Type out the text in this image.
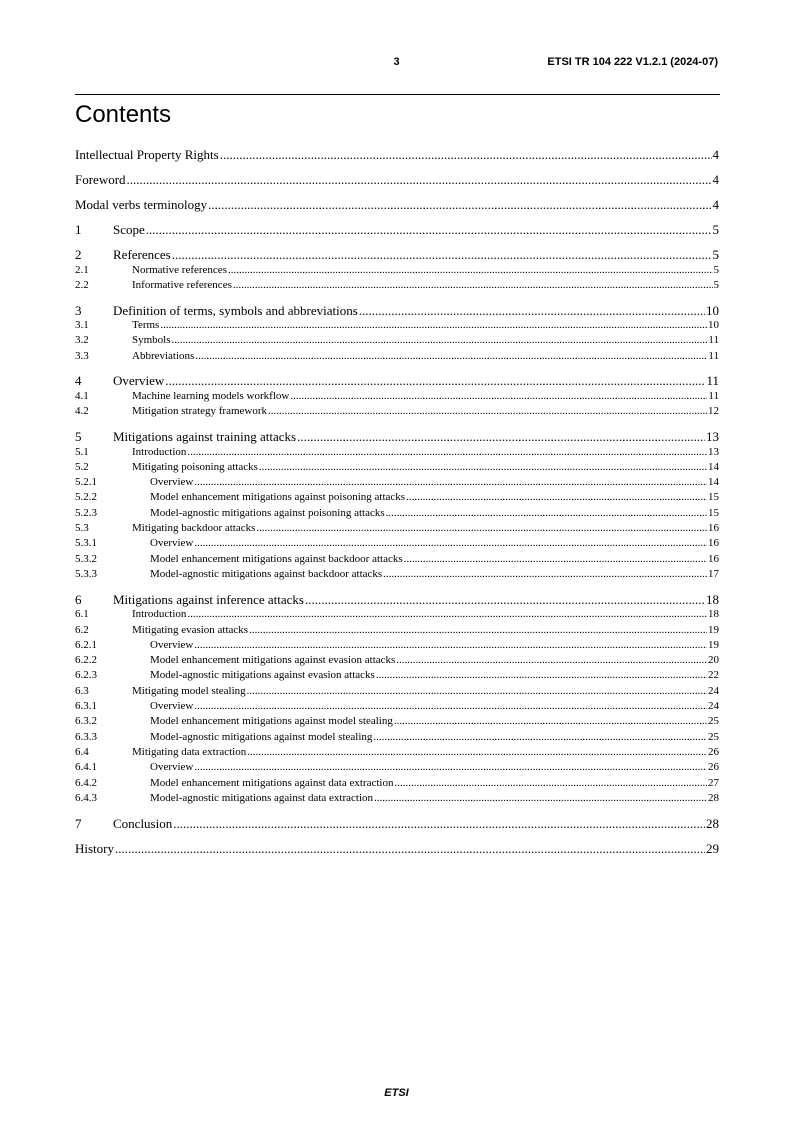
3	ETSI TR 104 222 V1.2.1 (2024-07)
Contents
Intellectual Property Rights .....	4
Foreword .....	4
Modal verbs terminology .....	4
1	Scope .....	5
2	References .....	5
2.1	Normative references .....	5
2.2	Informative references .....	5
3	Definition of terms, symbols and abbreviations .....	10
3.1	Terms .....	10
3.2	Symbols .....	11
3.3	Abbreviations .....	11
4	Overview .....	11
4.1	Machine learning models workflow .....	11
4.2	Mitigation strategy framework .....	12
5	Mitigations against training attacks .....	13
5.1	Introduction .....	13
5.2	Mitigating poisoning attacks .....	14
5.2.1	Overview .....	14
5.2.2	Model enhancement mitigations against poisoning attacks .....	15
5.2.3	Model-agnostic mitigations against poisoning attacks .....	15
5.3	Mitigating backdoor attacks .....	16
5.3.1	Overview .....	16
5.3.2	Model enhancement mitigations against backdoor attacks .....	16
5.3.3	Model-agnostic mitigations against backdoor attacks .....	17
6	Mitigations against inference attacks .....	18
6.1	Introduction .....	18
6.2	Mitigating evasion attacks .....	19
6.2.1	Overview .....	19
6.2.2	Model enhancement mitigations against evasion attacks .....	20
6.2.3	Model-agnostic mitigations against evasion attacks .....	22
6.3	Mitigating model stealing .....	24
6.3.1	Overview .....	24
6.3.2	Model enhancement mitigations against model stealing .....	25
6.3.3	Model-agnostic mitigations against model stealing .....	25
6.4	Mitigating data extraction .....	26
6.4.1	Overview .....	26
6.4.2	Model enhancement mitigations against data extraction .....	27
6.4.3	Model-agnostic mitigations against data extraction .....	28
7	Conclusion .....	28
History .....	29
ETSI
